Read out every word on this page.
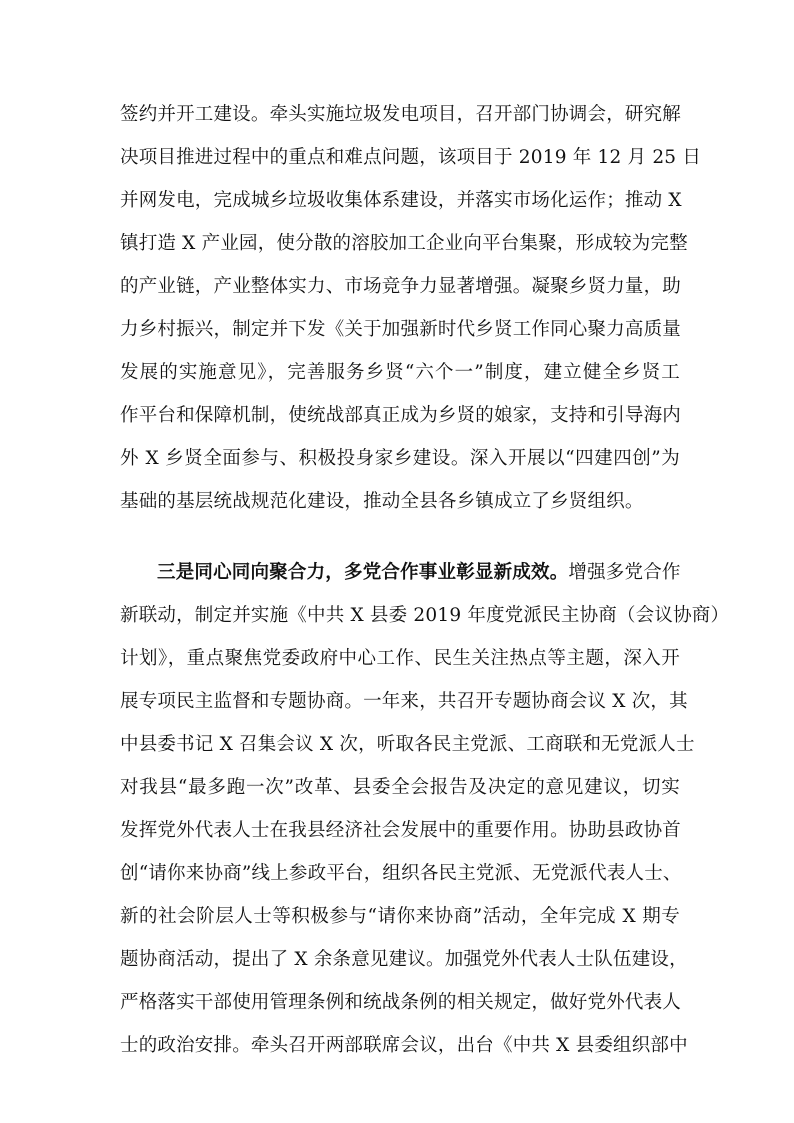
签约并开工建设。牵头实施垃圾发电项目，召开部门协调会，研究解
决项目推进过程中的重点和难点问题，该项目于 2019 年 12 月 25 日
并网发电，完成城乡垃圾收集体系建设，并落实市场化运作；推动 X
镇打造 X 产业园，使分散的溶胶加工企业向平台集聚，形成较为完整
的产业链，产业整体实力、市场竞争力显著增强。凝聚乡贤力量，助
力乡村振兴，制定并下发《关于加强新时代乡贤工作同心聚力高质量
发展的实施意见》，完善服务乡贤“六个一”制度，建立健全乡贤工
作平台和保障机制，使统战部真正成为乡贤的娘家，支持和引导海内
外 X 乡贤全面参与、积极投身家乡建设。深入开展以“四建四创”为
基础的基层统战规范化建设，推动全县各乡镇成立了乡贤组织。
三是同心同向聚合力，多党合作事业彰显新成效。增强多党合作
新联动，制定并实施《中共 X 县委 2019 年度党派民主协商（会议协商）
计划》，重点聚焦党委政府中心工作、民生关注热点等主题，深入开
展专项民主监督和专题协商。一年来，共召开专题协商会议 X 次，其
中县委书记 X 召集会议 X 次，听取各民主党派、工商联和无党派人士
对我县“最多跑一次”改革、县委全会报告及决定的意见建议，切实
发挥党外代表人士在我县经济社会发展中的重要作用。协助县政协首
创“请你来协商”线上参政平台，组织各民主党派、无党派代表人士、
新的社会阶层人士等积极参与“请你来协商”活动，全年完成 X 期专
题协商活动，提出了 X 余条意见建议。加强党外代表人士队伍建设，
严格落实干部使用管理条例和统战条例的相关规定，做好党外代表人
士的政治安排。牵头召开两部联席会议，出台《中共 X 县委组织部中
